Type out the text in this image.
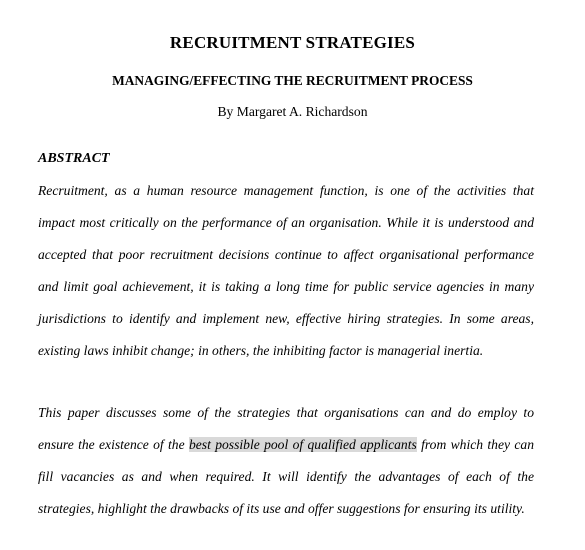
RECRUITMENT STRATEGIES
MANAGING/EFFECTING THE RECRUITMENT PROCESS
By Margaret A. Richardson
ABSTRACT
Recruitment, as a human resource management function, is one of the activities that
impact most critically on the performance of an organisation. While it is understood and
accepted that poor recruitment decisions continue to affect organisational performance
and limit goal achievement, it is taking a long time for public service agencies in many
jurisdictions to identify and implement new, effective hiring strategies. In some areas,
existing laws inhibit change; in others, the inhibiting factor is managerial inertia.
This paper discusses some of the strategies that organisations can and do employ to
ensure the existence of the best possible pool of qualified applicants from which they can
fill vacancies as and when required. It will identify the advantages of each of the
strategies, highlight the drawbacks of its use and offer suggestions for ensuring its utility.
